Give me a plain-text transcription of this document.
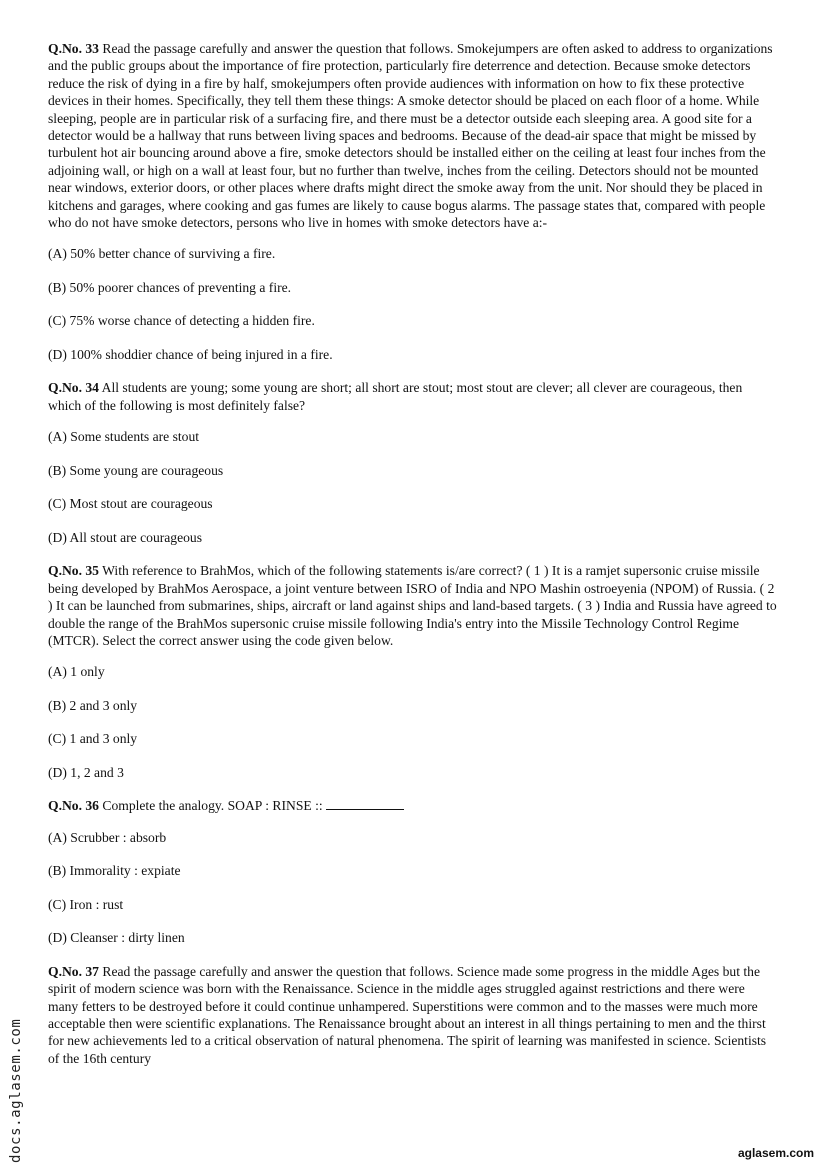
Q.No. 33 Read the passage carefully and answer the question that follows. Smokejumpers are often asked to address to organizations and the public groups about the importance of fire protection, particularly fire deterrence and detection. Because smoke detectors reduce the risk of dying in a fire by half, smokejumpers often provide audiences with information on how to fix these protective devices in their homes. Specifically, they tell them these things: A smoke detector should be placed on each floor of a home. While sleeping, people are in particular risk of a surfacing fire, and there must be a detector outside each sleeping area. A good site for a detector would be a hallway that runs between living spaces and bedrooms. Because of the dead-air space that might be missed by turbulent hot air bouncing around above a fire, smoke detectors should be installed either on the ceiling at least four inches from the adjoining wall, or high on a wall at least four, but no further than twelve, inches from the ceiling. Detectors should not be mounted near windows, exterior doors, or other places where drafts might direct the smoke away from the unit. Nor should they be placed in kitchens and garages, where cooking and gas fumes are likely to cause bogus alarms. The passage states that, compared with people who do not have smoke detectors, persons who live in homes with smoke detectors have a:-

(A) 50% better chance of surviving a fire.

(B) 50% poorer chances of preventing a fire.

(C) 75% worse chance of detecting a hidden fire.

(D) 100% shoddier chance of being injured in a fire.

Q.No. 34 All students are young; some young are short; all short are stout; most stout are clever; all clever are courageous, then which of the following is most definitely false?

(A) Some students are stout

(B) Some young are courageous

(C) Most stout are courageous

(D) All stout are courageous

Q.No. 35 With reference to BrahMos, which of the following statements is/are correct? ( 1 ) It is a ramjet supersonic cruise missile being developed by BrahMos Aerospace, a joint venture between ISRO of India and NPO Mashin ostroeyenia (NPOM) of Russia. ( 2 ) It can be launched from submarines, ships, aircraft or land against ships and land-based targets. ( 3 ) India and Russia have agreed to double the range of the BrahMos supersonic cruise missile following India's entry into the Missile Technology Control Regime (MTCR). Select the correct answer using the code given below.

(A) 1 only

(B) 2 and 3 only

(C) 1 and 3 only

(D) 1, 2 and 3

Q.No. 36 Complete the analogy. SOAP : RINSE ::

(A) Scrubber : absorb

(B) Immorality : expiate

(C) Iron : rust

(D) Cleanser : dirty linen

Q.No. 37 Read the passage carefully and answer the question that follows. Science made some progress in the middle Ages but the spirit of modern science was born with the Renaissance. Science in the middle ages struggled against restrictions and there were many fetters to be destroyed before it could continue unhampered. Superstitions were common and to the masses were much more acceptable then were scientific explanations. The Renaissance brought about an interest in all things pertaining to men and the thirst for new achievements led to a critical observation of natural phenomena. The spirit of learning was manifested in science. Scientists of the 16th century

docs.aglasem.com	aglasem.com
